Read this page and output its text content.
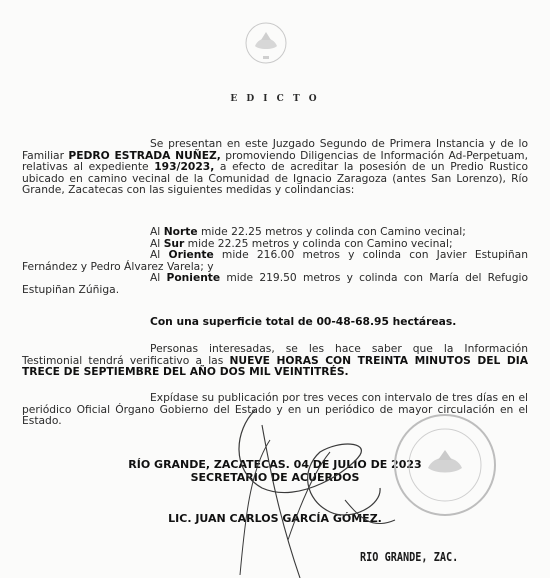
E D I C T O
Se presentan en este Juzgado Segundo de Primera Instancia y de lo Familiar PEDRO ESTRADA NUÑEZ, promoviendo Diligencias de Información Ad-Perpetuam, relativas al expediente 193/2023, a efecto de acreditar la posesión de un Predio Rustico ubicado en camino vecinal de la Comunidad de Ignacio Zaragoza (antes San Lorenzo), Río Grande, Zacatecas con las siguientes medidas y colindancias:
Al Norte mide 22.25 metros y colinda con Camino vecinal;
Al Sur mide 22.25 metros y colinda con Camino vecinal;
Al Oriente mide 216.00 metros y colinda con Javier Estupiñan Fernández y Pedro Álvarez Varela; y
Al Poniente mide 219.50 metros y colinda con María del Refugio Estupiñan Zúñiga.
Con una superficie total de 00-48-68.95 hectáreas.
Personas interesadas, se les hace saber que la Información Testimonial tendrá verificativo a las NUEVE HORAS CON TREINTA MINUTOS DEL DIA TRECE DE SEPTIEMBRE DEL AÑO DOS MIL VEINTITRÉS.
Expídase su publicación por tres veces con intervalo de tres días en el periódico Oficial Órgano Gobierno del Estado y en un periódico de mayor circulación en el Estado.
RÍO GRANDE, ZACATECAS. 04 DE JULIO DE 2023
SECRETARIO DE ACUERDOS
LIC. JUAN CARLOS GARCÍA GÓMEZ.
RIO GRANDE, ZAC.
